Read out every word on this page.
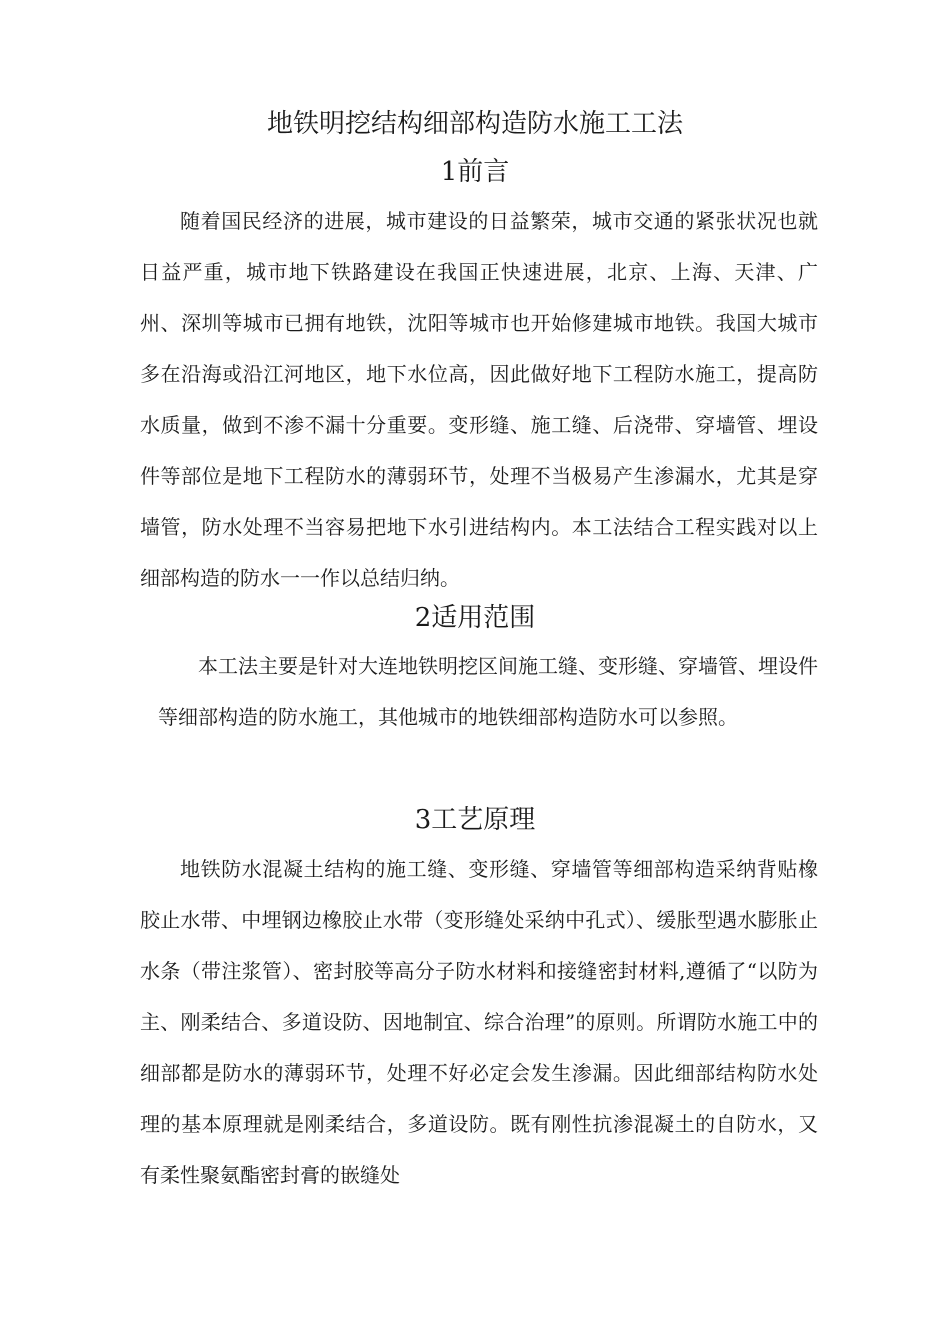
地铁明挖结构细部构造防水施工工法
1前言

随着国民经济的进展，城市建设的日益繁荣，城市交通的紧张状况也就日益严重，城市地下铁路建设在我国正快速进展，北京、上海、天津、广州、深圳等城市已拥有地铁，沈阳等城市也开始修建城市地铁。我国大城市多在沿海或沿江河地区，地下水位高，因此做好地下工程防水施工，提高防水质量，做到不渗不漏十分重要。变形缝、施工缝、后浇带、穿墙管、埋设件等部位是地下工程防水的薄弱环节，处理不当极易产生渗漏水，尤其是穿墙管，防水处理不当容易把地下水引进结构内。本工法结合工程实践对以上细部构造的防水一一作以总结归纳。

2适用范围

本工法主要是针对大连地铁明挖区间施工缝、变形缝、穿墙管、埋设件等细部构造的防水施工，其他城市的地铁细部构造防水可以参照。

3工艺原理

地铁防水混凝土结构的施工缝、变形缝、穿墙管等细部构造采纳背贴橡胶止水带、中埋钢边橡胶止水带（变形缝处采纳中孔式）、缓胀型遇水膨胀止水条（带注浆管）、密封胶等高分子防水材料和接缝密封材料,遵循了“以防为主、刚柔结合、多道设防、因地制宜、综合治理”的原则。所谓防水施工中的细部都是防水的薄弱环节，处理不好必定会发生渗漏。因此细部结构防水处理的基本原理就是刚柔结合，多道设防。既有刚性抗渗混凝土的自防水，又有柔性聚氨酯密封膏的嵌缝处
